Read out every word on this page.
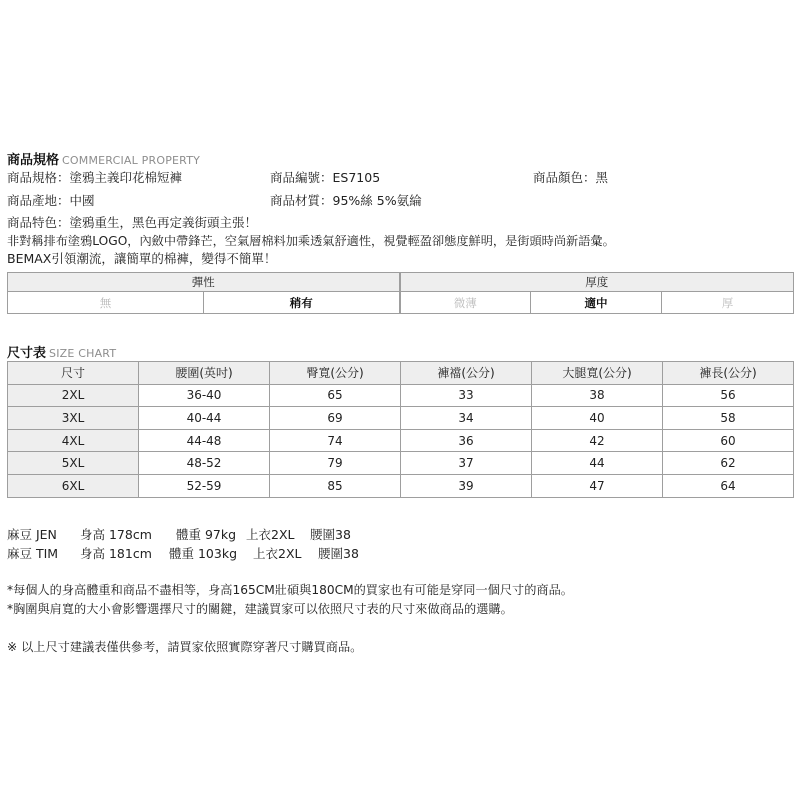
商品規格 COMMERCIAL PROPERTY
商品規格：塗鴉主義印花棉短褲	商品編號：ES7105	商品顏色：黑
商品產地：中國	商品材質：95%絲 5%氨綸
商品特色：塗鴉重生，黑色再定義街頭主張！
非對稱排布塗鴉LOGO，內斂中帶鋒芒，空氣層棉料加乘透氣舒適性，視覺輕盈卻態度鮮明，是街頭時尚新語彙。
BEMAX引領潮流，讓簡單的棉褲，變得不簡單！
彈性		厚度		
無	稍有	微薄	適中	厚
尺寸表 SIZE CHART
尺寸	腰圍(英吋)	臀寬(公分)	褲襠(公分)	大腿寬(公分)	褲長(公分)
2XL	36-40	65	33	38	56
3XL	40-44	69	34	40	58
4XL	44-48	74	36	42	60
5XL	48-52	79	37	44	62
6XL	52-59	85	39	47	64
麻豆 JEN 身高 178cm 體重 97kg 上衣2XL 腰圍38
麻豆 TIM 身高 181cm 體重 103kg 上衣2XL 腰圍38
*每個人的身高體重和商品不盡相等，身高165CM壯碩與180CM的買家也有可能是穿同一個尺寸的商品。
*胸圍與肩寬的大小會影響選擇尺寸的關鍵，建議買家可以依照尺寸表的尺寸來做商品的選購。
※ 以上尺寸建議表僅供參考，請買家依照實際穿著尺寸購買商品。
